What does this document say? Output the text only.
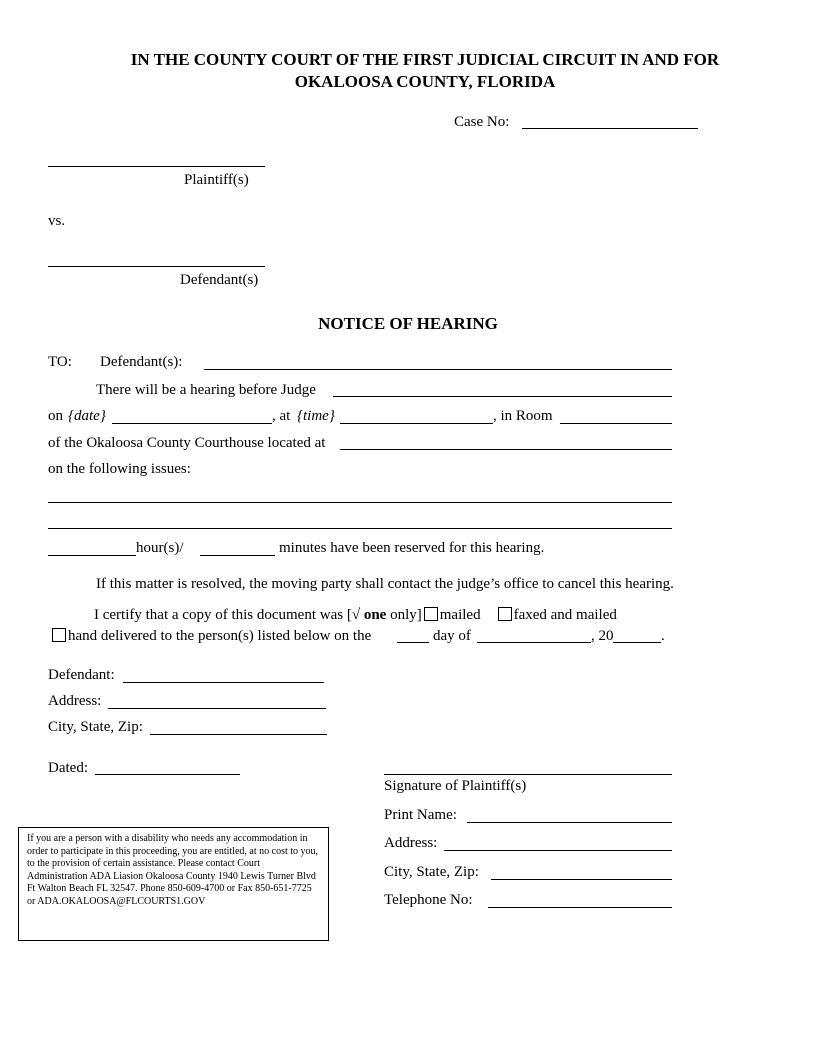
IN THE COUNTY COURT OF THE FIRST JUDICIAL CIRCUIT IN AND FOR
OKALOOSA COUNTY, FLORIDA
Case No:
Plaintiff(s)
vs.
Defendant(s)
NOTICE OF HEARING
TO: Defendant(s):
There will be a hearing before Judge
on {date}	, at {time}	, in Room
of the Okaloosa County Courthouse located at
on the following issues:
hour(s)/	minutes have been reserved for this hearing.
If this matter is resolved, the moving party shall contact the judge’s office to cancel this hearing.
I certify that a copy of this document was [√ one only] mailed faxed and mailed
hand delivered to the person(s) listed below on the	day of	, 20	.
Defendant:
Address:
City, State, Zip:
Dated:
Signature of Plaintiff(s)
Print Name:
Address:
City, State, Zip:
Telephone No:
If you are a person with a disability who needs any accommodation in order to participate in this proceeding, you are entitled, at no cost to you, to the provision of certain assistance. Please contact Court Administration ADA Liasion Okaloosa County 1940 Lewis Turner Blvd Ft Walton Beach FL 32547. Phone 850-609-4700 or Fax 850-651-7725 or ADA.OKALOOSA@FLCOURTS1.GOV
